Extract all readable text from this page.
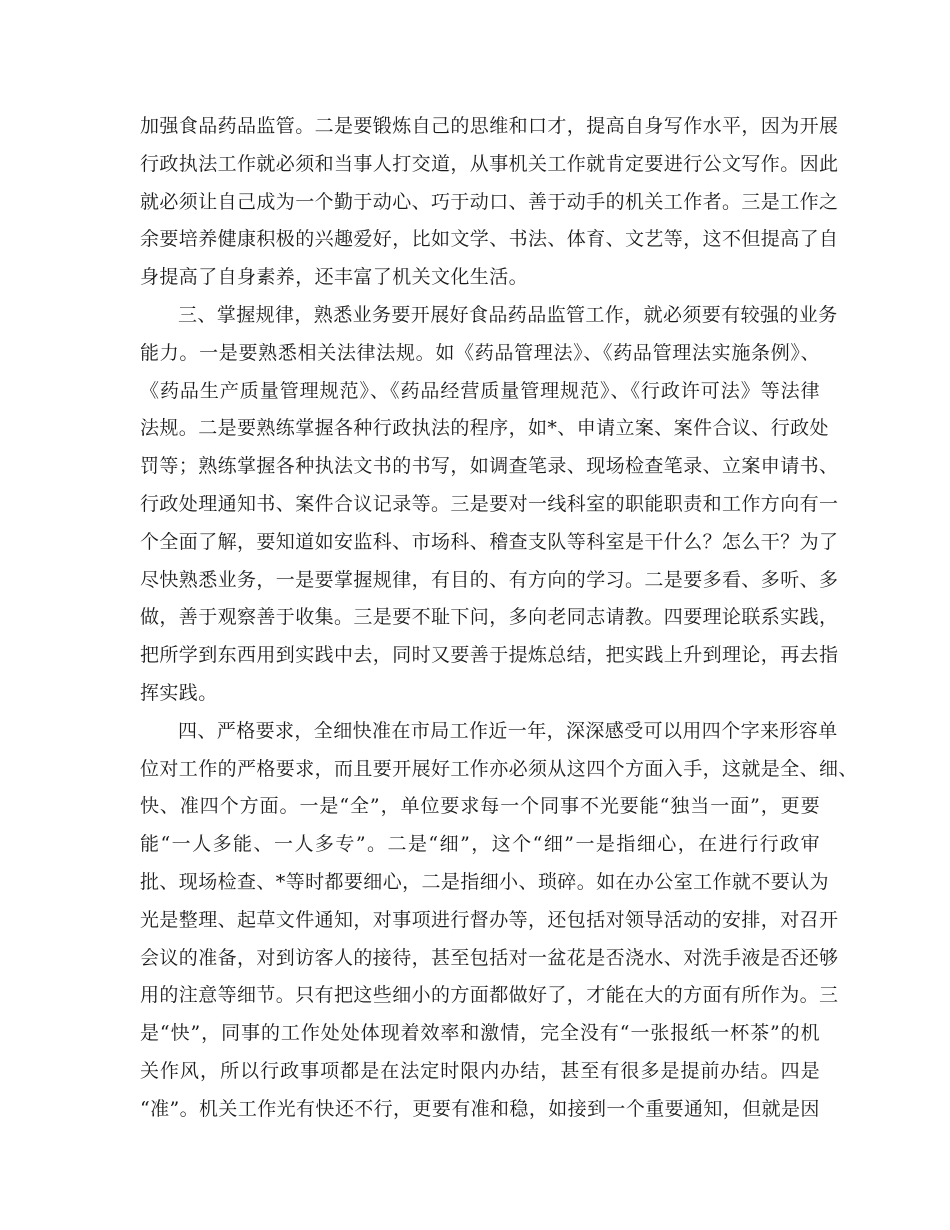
加强食品药品监管。二是要锻炼自己的思维和口才，提高自身写作水平，因为开展
行政执法工作就必须和当事人打交道，从事机关工作就肯定要进行公文写作。因此
就必须让自己成为一个勤于动心、巧于动口、善于动手的机关工作者。三是工作之
余要培养健康积极的兴趣爱好，比如文学、书法、体育、文艺等，这不但提高了自
身提高了自身素养，还丰富了机关文化生活。
三、掌握规律，熟悉业务要开展好食品药品监管工作，就必须要有较强的业务
能力。一是要熟悉相关法律法规。如《药品管理法》、《药品管理法实施条例》、
《药品生产质量管理规范》、《药品经营质量管理规范》、《行政许可法》等法律
法规。二是要熟练掌握各种行政执法的程序，如*、申请立案、案件合议、行政处
罚等；熟练掌握各种执法文书的书写，如调查笔录、现场检查笔录、立案申请书、
行政处理通知书、案件合议记录等。三是要对一线科室的职能职责和工作方向有一
个全面了解，要知道如安监科、市场科、稽查支队等科室是干什么？怎么干？为了
尽快熟悉业务，一是要掌握规律，有目的、有方向的学习。二是要多看、多听、多
做，善于观察善于收集。三是要不耻下问，多向老同志请教。四要理论联系实践，
把所学到东西用到实践中去，同时又要善于提炼总结，把实践上升到理论，再去指
挥实践。
四、严格要求，全细快准在市局工作近一年，深深感受可以用四个字来形容单
位对工作的严格要求，而且要开展好工作亦必须从这四个方面入手，这就是全、细、
快、准四个方面。一是“全”，单位要求每一个同事不光要能“独当一面”，更要
能“一人多能、一人多专”。二是“细”，这个“细”一是指细心，在进行行政审
批、现场检查、*等时都要细心，二是指细小、琐碎。如在办公室工作就不要认为
光是整理、起草文件通知，对事项进行督办等，还包括对领导活动的安排，对召开
会议的准备，对到访客人的接待，甚至包括对一盆花是否浇水、对洗手液是否还够
用的注意等细节。只有把这些细小的方面都做好了，才能在大的方面有所作为。三
是“快”，同事的工作处处体现着效率和激情，完全没有“一张报纸一杯茶”的机
关作风，所以行政事项都是在法定时限内办结，甚至有很多是提前办结。四是
“准”。机关工作光有快还不行，更要有准和稳，如接到一个重要通知，但就是因
